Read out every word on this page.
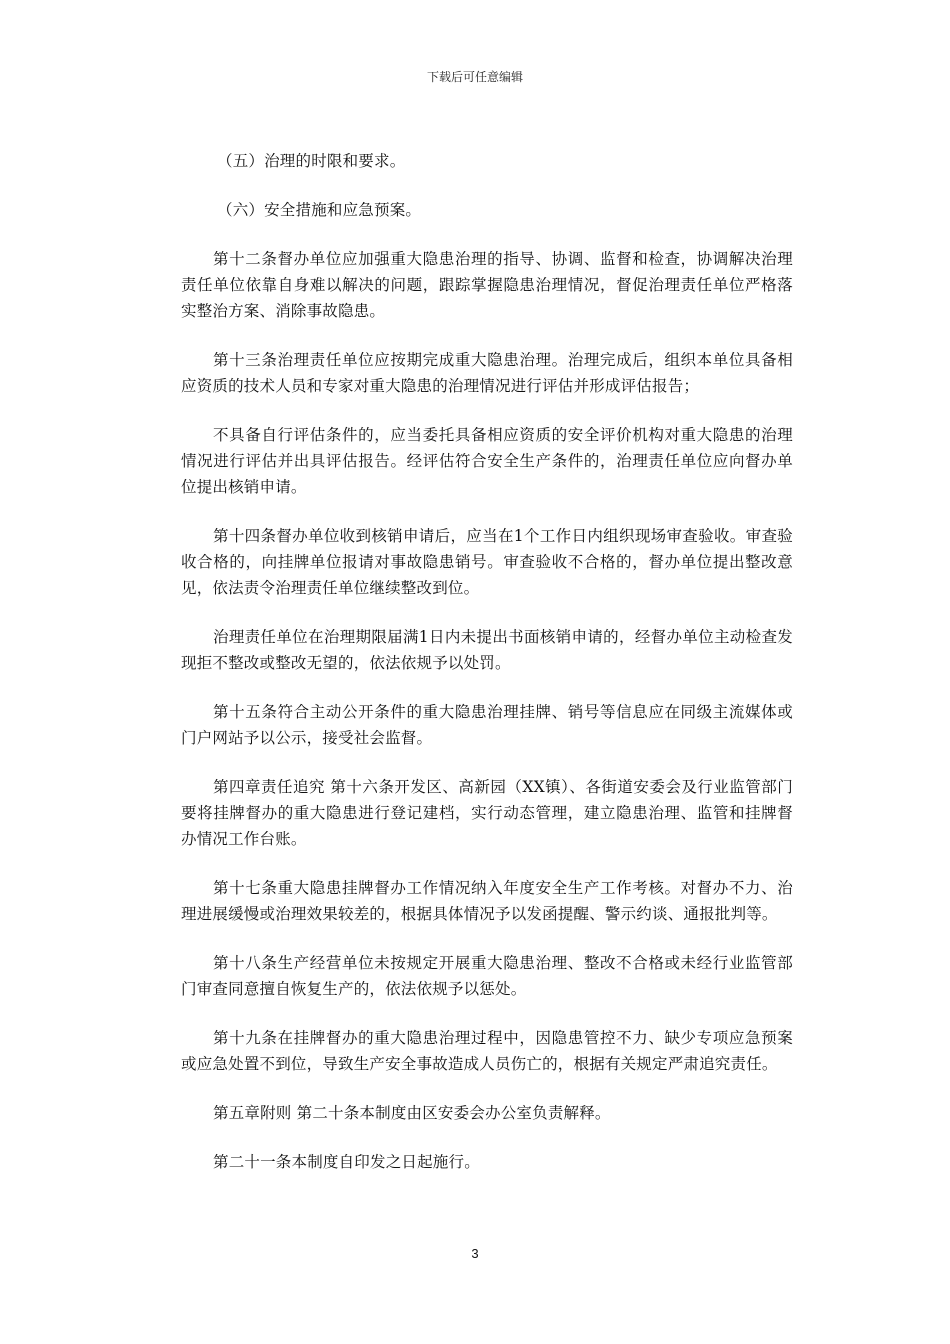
下载后可任意编辑

（五）治理的时限和要求。

（六）安全措施和应急预案。

第十二条督办单位应加强重大隐患治理的指导、协调、监督和检查，协调解决治理责任单位依靠自身难以解决的问题，跟踪掌握隐患治理情况，督促治理责任单位严格落实整治方案、消除事故隐患。

第十三条治理责任单位应按期完成重大隐患治理。治理完成后，组织本单位具备相应资质的技术人员和专家对重大隐患的治理情况进行评估并形成评估报告；

不具备自行评估条件的，应当委托具备相应资质的安全评价机构对重大隐患的治理情况进行评估并出具评估报告。经评估符合安全生产条件的，治理责任单位应向督办单位提出核销申请。

第十四条督办单位收到核销申请后，应当在1个工作日内组织现场审查验收。审查验收合格的，向挂牌单位报请对事故隐患销号。审查验收不合格的，督办单位提出整改意见，依法责令治理责任单位继续整改到位。

治理责任单位在治理期限届满1日内未提出书面核销申请的，经督办单位主动检查发现拒不整改或整改无望的，依法依规予以处罚。

第十五条符合主动公开条件的重大隐患治理挂牌、销号等信息应在同级主流媒体或门户网站予以公示，接受社会监督。

第四章责任追究 第十六条开发区、高新园（XX镇）、各街道安委会及行业监管部门要将挂牌督办的重大隐患进行登记建档，实行动态管理，建立隐患治理、监管和挂牌督办情况工作台账。

第十七条重大隐患挂牌督办工作情况纳入年度安全生产工作考核。对督办不力、治理进展缓慢或治理效果较差的，根据具体情况予以发函提醒、警示约谈、通报批判等。

第十八条生产经营单位未按规定开展重大隐患治理、整改不合格或未经行业监管部门审查同意擅自恢复生产的，依法依规予以惩处。

第十九条在挂牌督办的重大隐患治理过程中，因隐患管控不力、缺少专项应急预案或应急处置不到位，导致生产安全事故造成人员伤亡的，根据有关规定严肃追究责任。

第五章附则 第二十条本制度由区安委会办公室负责解释。

第二十一条本制度自印发之日起施行。

3
